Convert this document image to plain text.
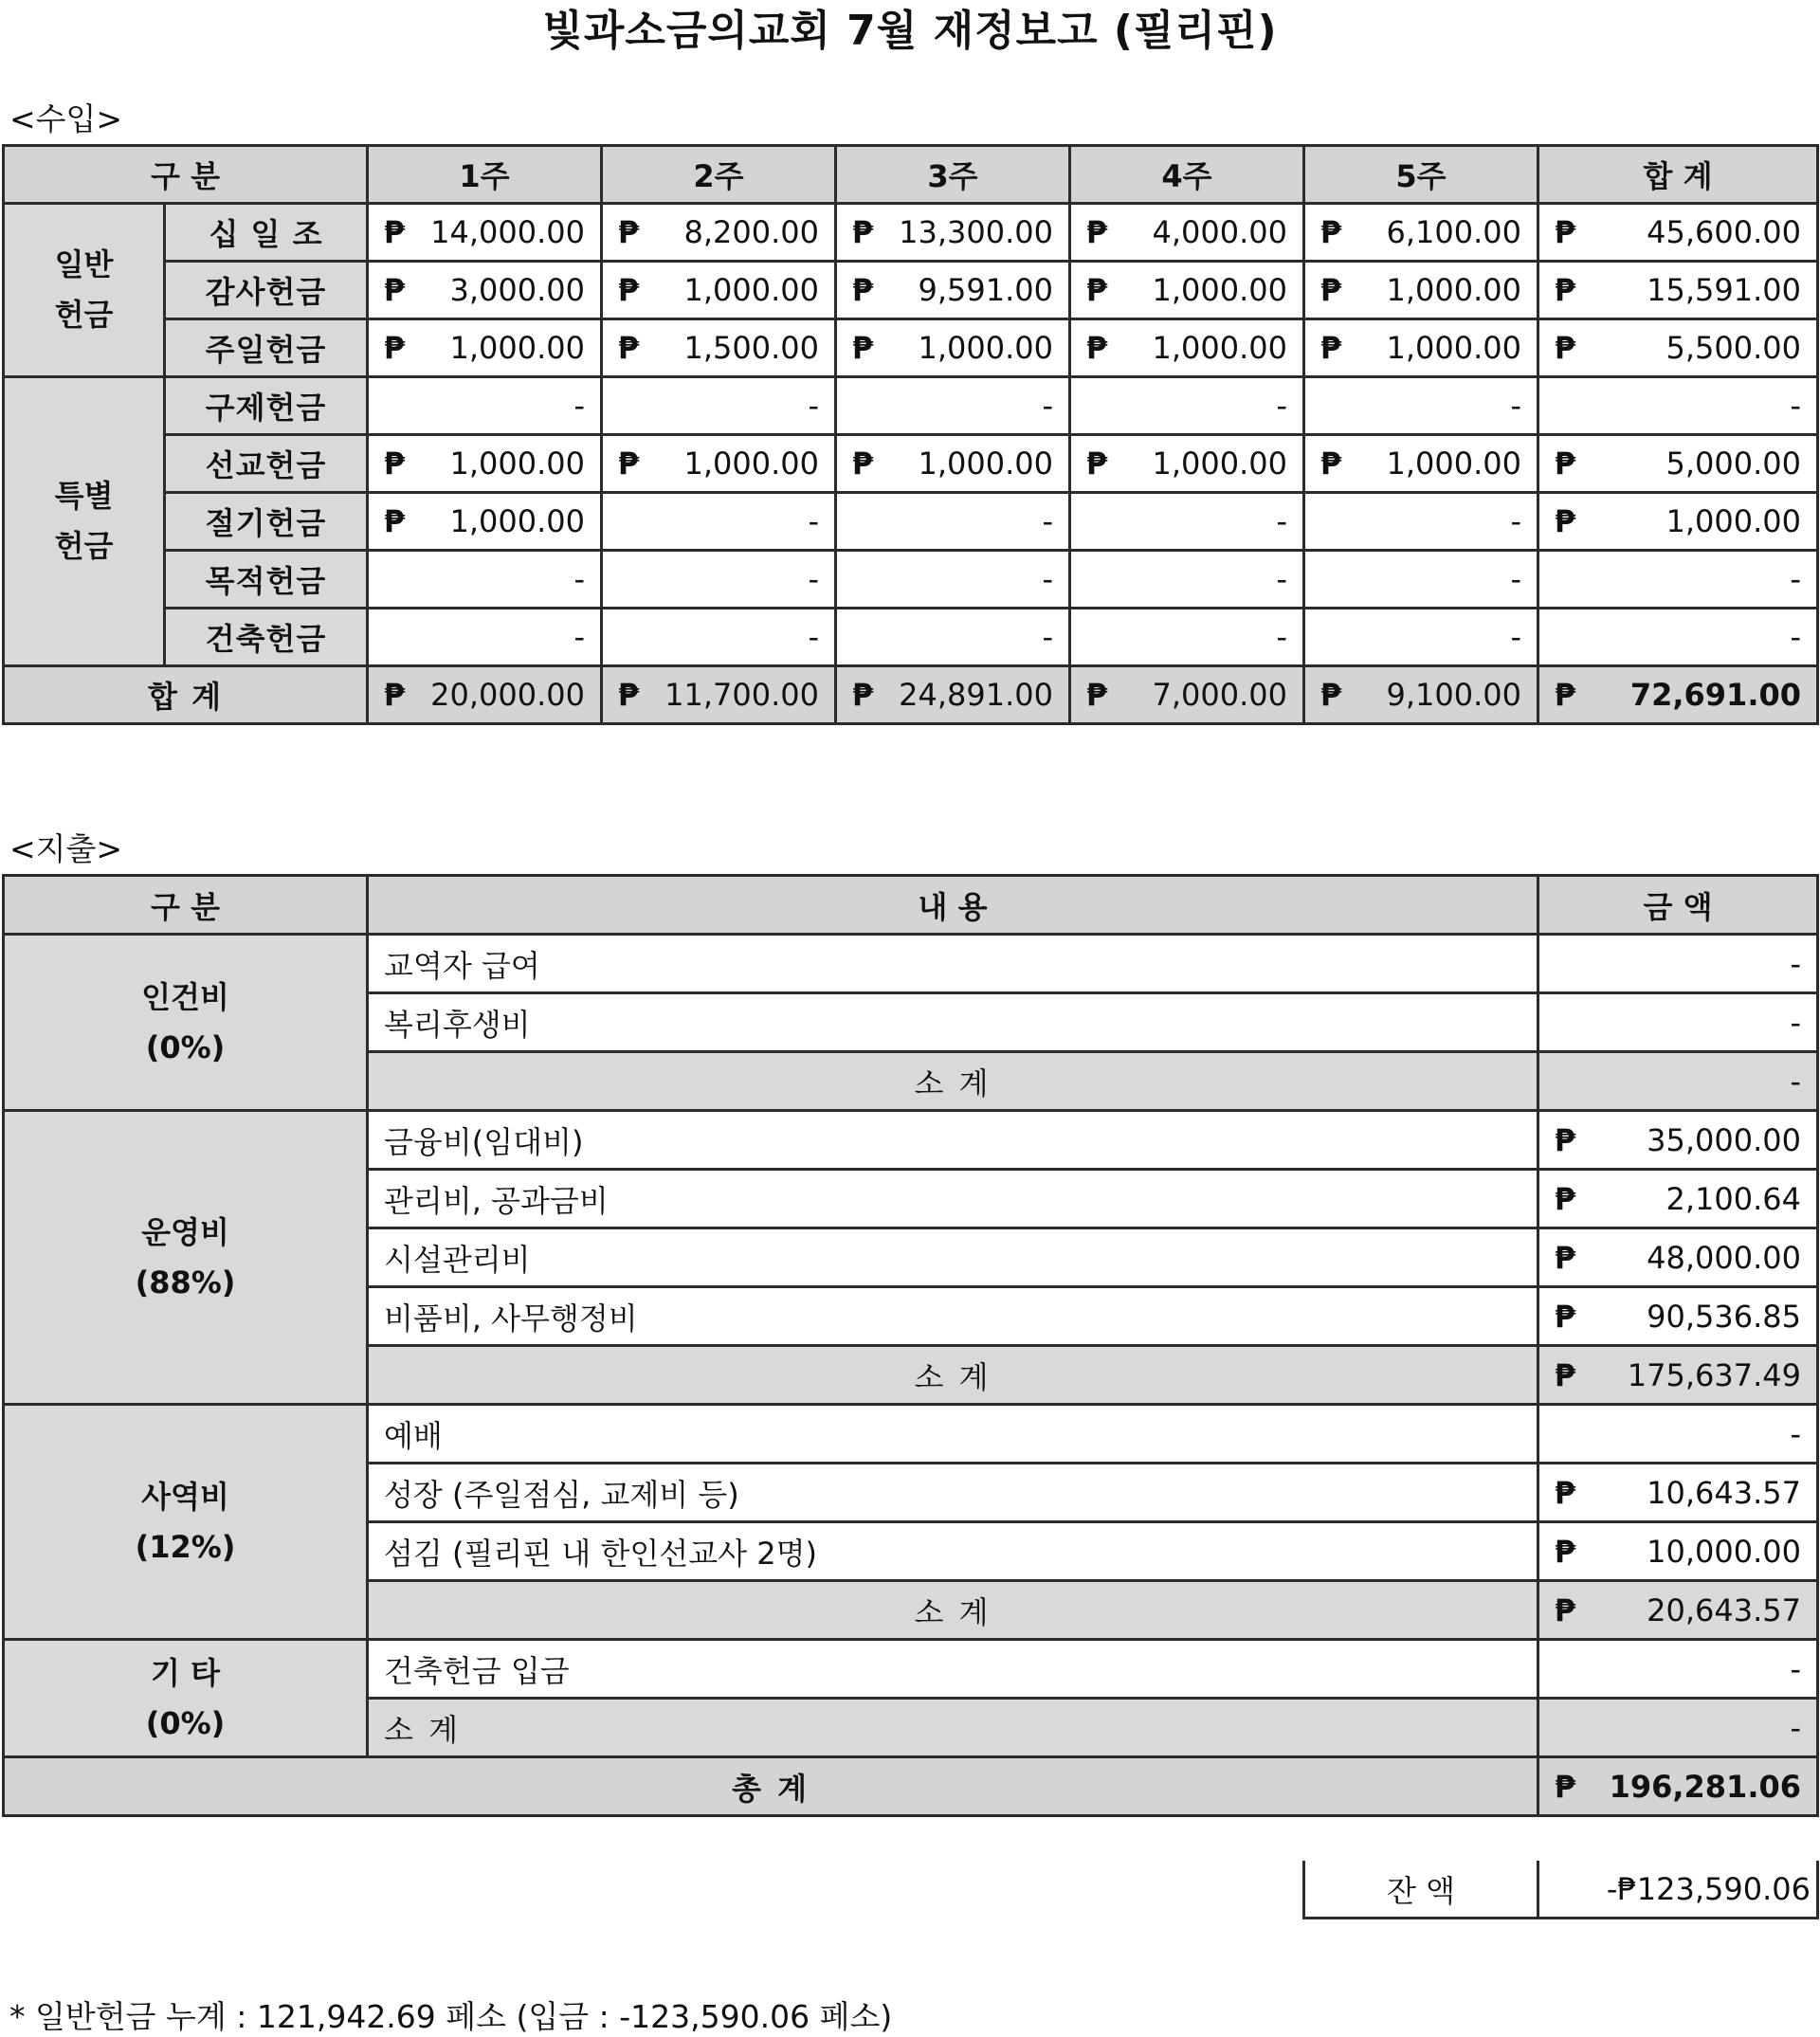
빛과소금의교회 7월 재정보고 (필리핀)
<수입>
구 분		1주	2주	3주	4주	5주	합 계
일반
헌금	십 일 조	₱ 14,000.00	₱ 8,200.00	₱ 13,300.00	₱ 4,000.00	₱ 6,100.00	₱ 45,600.00

	감사헌금	₱ 3,000.00	₱ 1,000.00	₱ 9,591.00	₱ 1,000.00	₱ 1,000.00	₱ 15,591.00

	주일헌금	₱ 1,000.00	₱ 1,500.00	₱ 1,000.00	₱ 1,000.00	₱ 1,000.00	₱ 5,500.00

특별
헌금	구제헌금	-	-	-	-	-	-
	선교헌금	₱ 1,000.00	₱ 1,000.00	₱ 1,000.00	₱ 1,000.00	₱ 1,000.00	₱ 5,000.00

	절기헌금	₱ 1,000.00	-	-	-	-	₱ 1,000.00

	목적헌금	-	-	-	-	-	-
	건축헌금	-	-	-	-	-	-
합 계		₱ 20,000.00	₱ 11,700.00	₱ 24,891.00	₱ 7,000.00	₱ 9,100.00	₱ 72,691.00
<지출>
구 분	내 용	금 액
인건비
(0%)	교역자 급여	-
	복리후생비	-
	소 계	-
운영비
(88%)	금융비(임대비)	₱ 35,000.00

	관리비, 공과금비	₱ 2,100.64

	시설관리비	₱ 48,000.00

	비품비, 사무행정비	₱ 90,536.85

	소 계	₱ 175,637.49

사역비
(12%)	예배	-
	성장 (주일점심, 교제비 등)	₱ 10,643.57

	섬김 (필리핀 내 한인선교사 2명)	₱ 10,000.00

	소 계	₱ 20,643.57

기 타
(0%)	건축헌금 입금	-
	소 계	-
총 계		₱ 196,281.06
잔 액	-₱123,590.06
* 일반헌금 누계 : 121,942.69 페소 (입금 : -123,590.06 페소)
